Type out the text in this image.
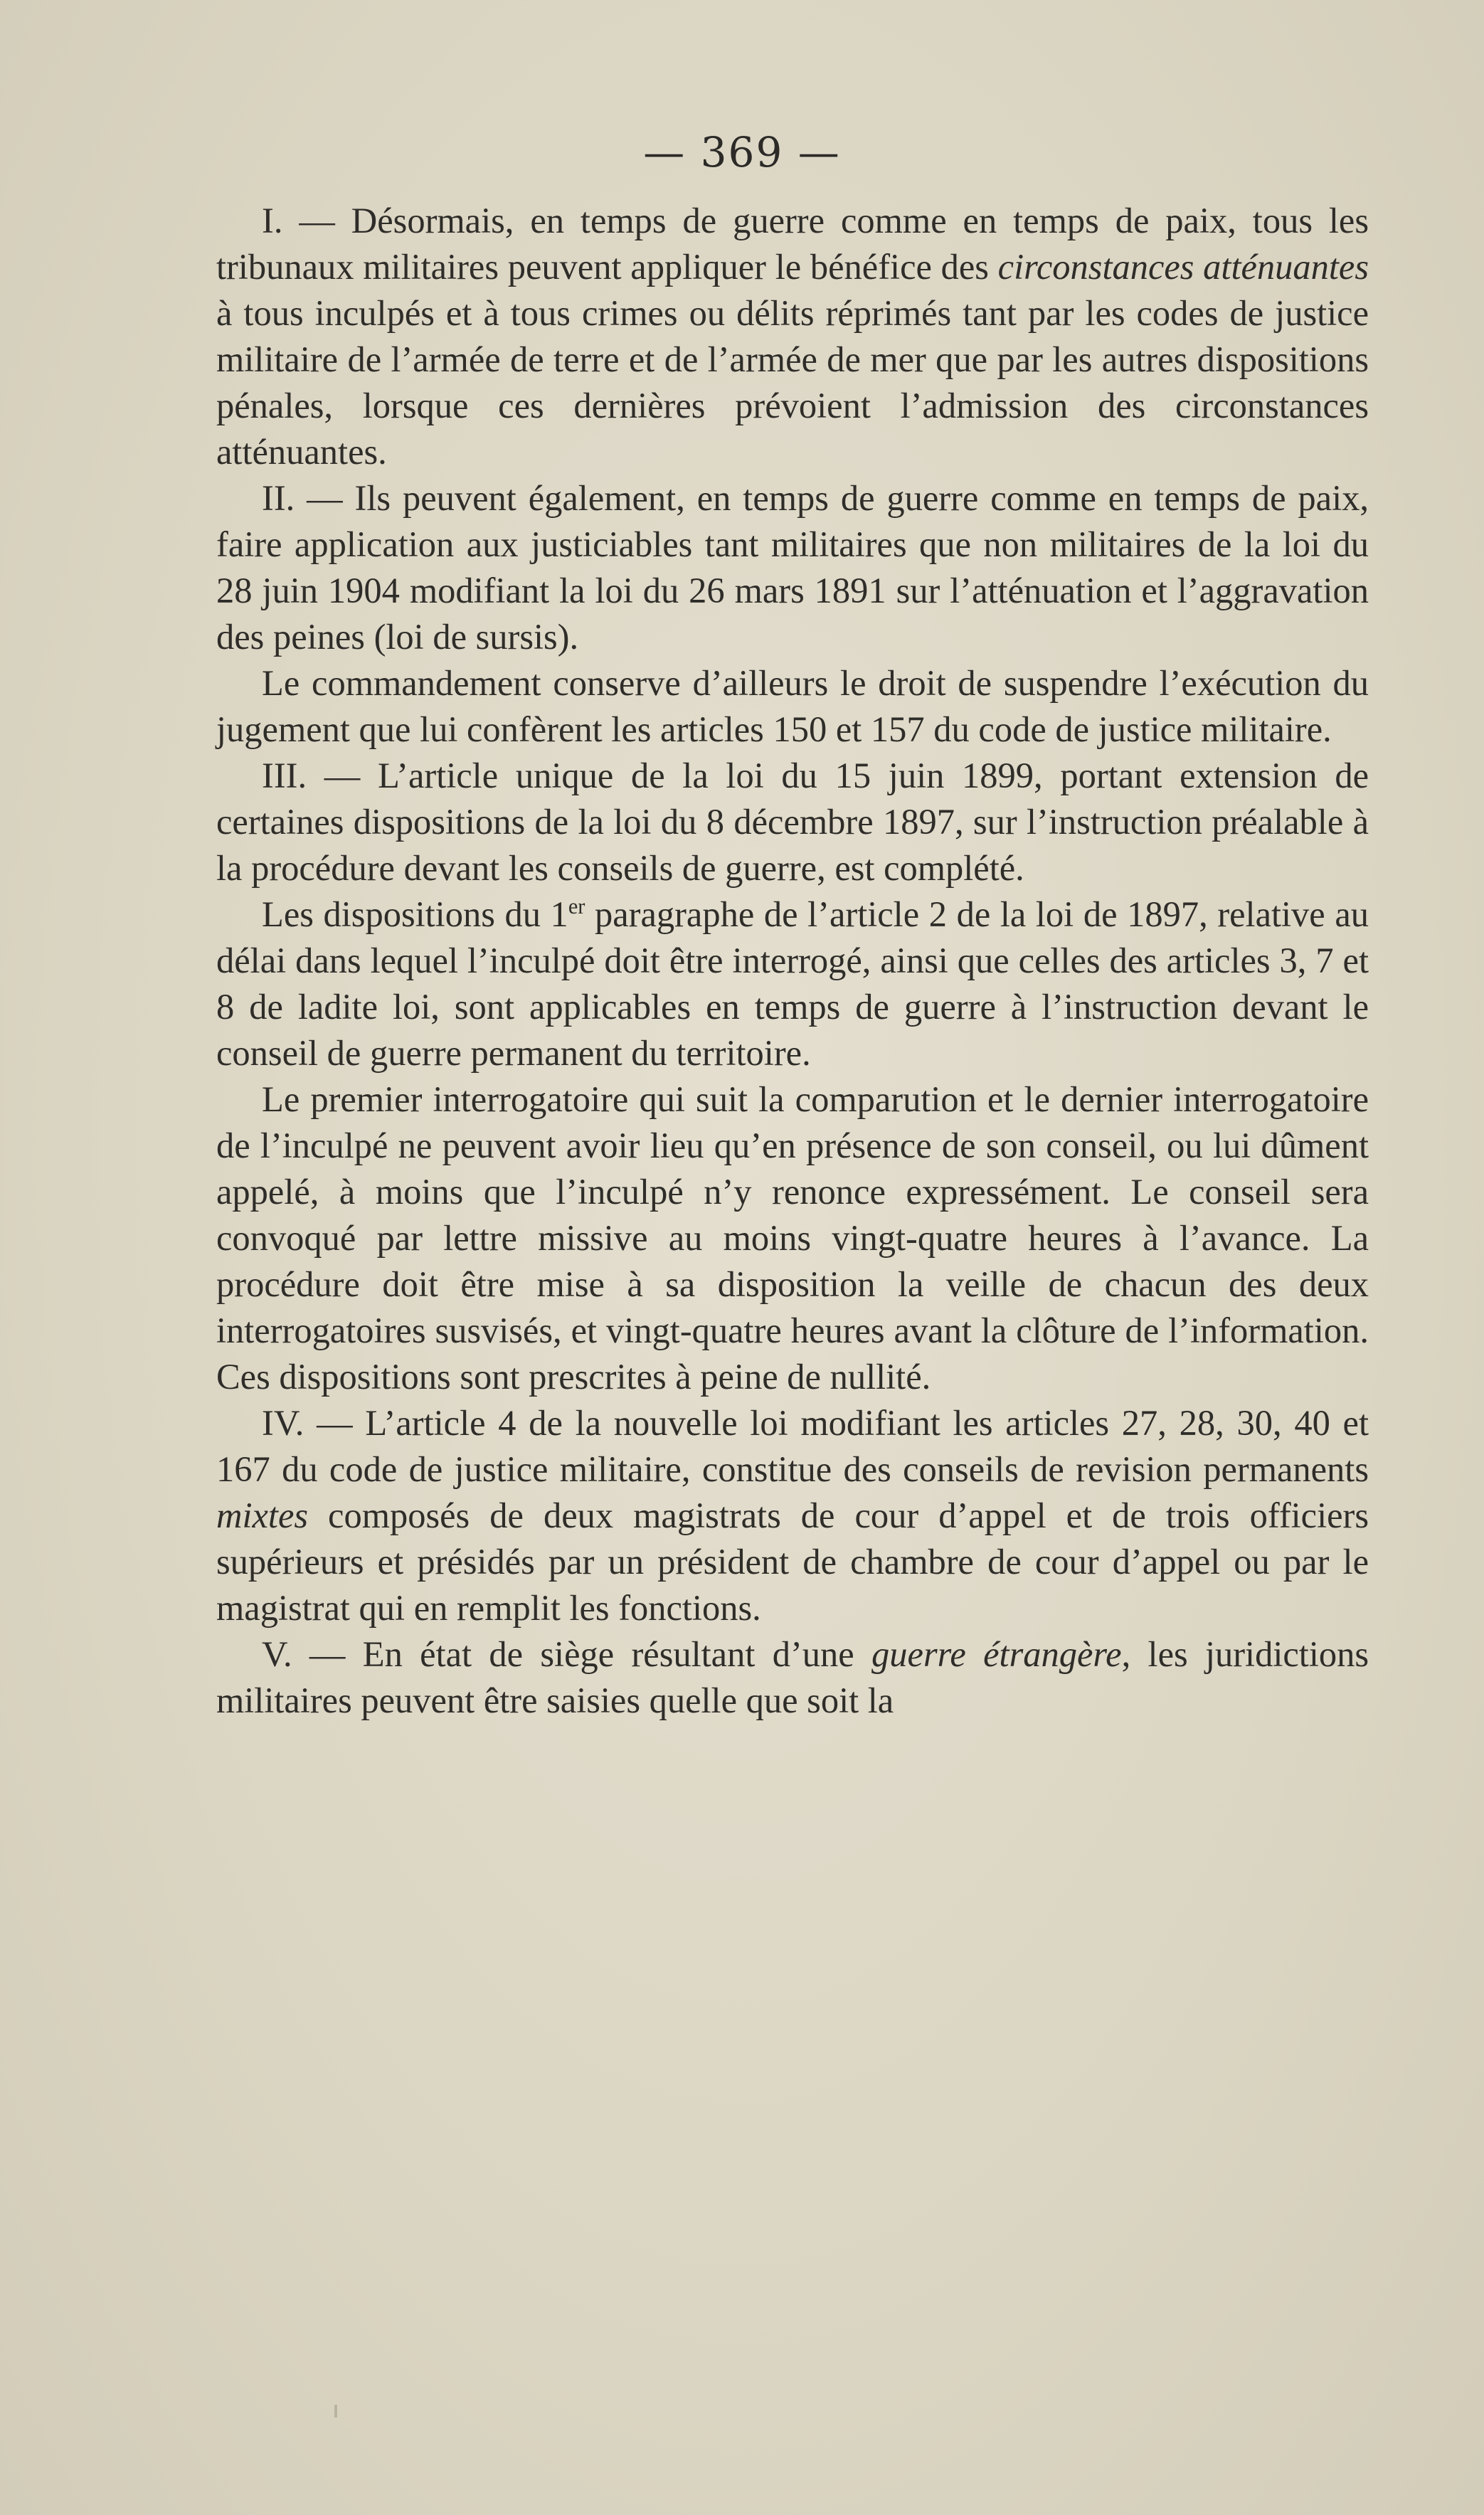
— 369 —

I. — Désormais, en temps de guerre comme en temps de paix, tous les tribunaux militaires peuvent appliquer le bénéfice des circonstances atténuantes à tous inculpés et à tous crimes ou délits réprimés tant par les codes de justice militaire de l’armée de terre et de l’armée de mer que par les autres dispositions pénales, lorsque ces dernières prévoient l’admission des circonstances atténuantes.

II. — Ils peuvent également, en temps de guerre comme en temps de paix, faire application aux justiciables tant militaires que non militaires de la loi du 28 juin 1904 modifiant la loi du 26 mars 1891 sur l’atténuation et l’aggravation des peines (loi de sursis).

Le commandement conserve d’ailleurs le droit de suspendre l’exécution du jugement que lui confèrent les articles 150 et 157 du code de justice militaire.

III. — L’article unique de la loi du 15 juin 1899, portant extension de certaines dispositions de la loi du 8 décembre 1897, sur l’instruction préalable à la procédure devant les conseils de guerre, est complété.

Les dispositions du 1er paragraphe de l’article 2 de la loi de 1897, relative au délai dans lequel l’inculpé doit être interrogé, ainsi que celles des articles 3, 7 et 8 de ladite loi, sont applicables en temps de guerre à l’instruction devant le conseil de guerre permanent du territoire.

Le premier interrogatoire qui suit la comparution et le dernier interrogatoire de l’inculpé ne peuvent avoir lieu qu’en présence de son conseil, ou lui dûment appelé, à moins que l’inculpé n’y renonce expressément. Le conseil sera convoqué par lettre missive au moins vingt-quatre heures à l’avance. La procédure doit être mise à sa disposition la veille de chacun des deux interrogatoires susvisés, et vingt-quatre heures avant la clôture de l’information. Ces dispositions sont prescrites à peine de nullité.

IV. — L’article 4 de la nouvelle loi modifiant les articles 27, 28, 30, 40 et 167 du code de justice militaire, constitue des conseils de revision permanents mixtes composés de deux magistrats de cour d’appel et de trois officiers supérieurs et présidés par un président de chambre de cour d’appel ou par le magistrat qui en remplit les fonctions.

V. — En état de siège résultant d’une guerre étrangère, les juridictions militaires peuvent être saisies quelle que soit la
